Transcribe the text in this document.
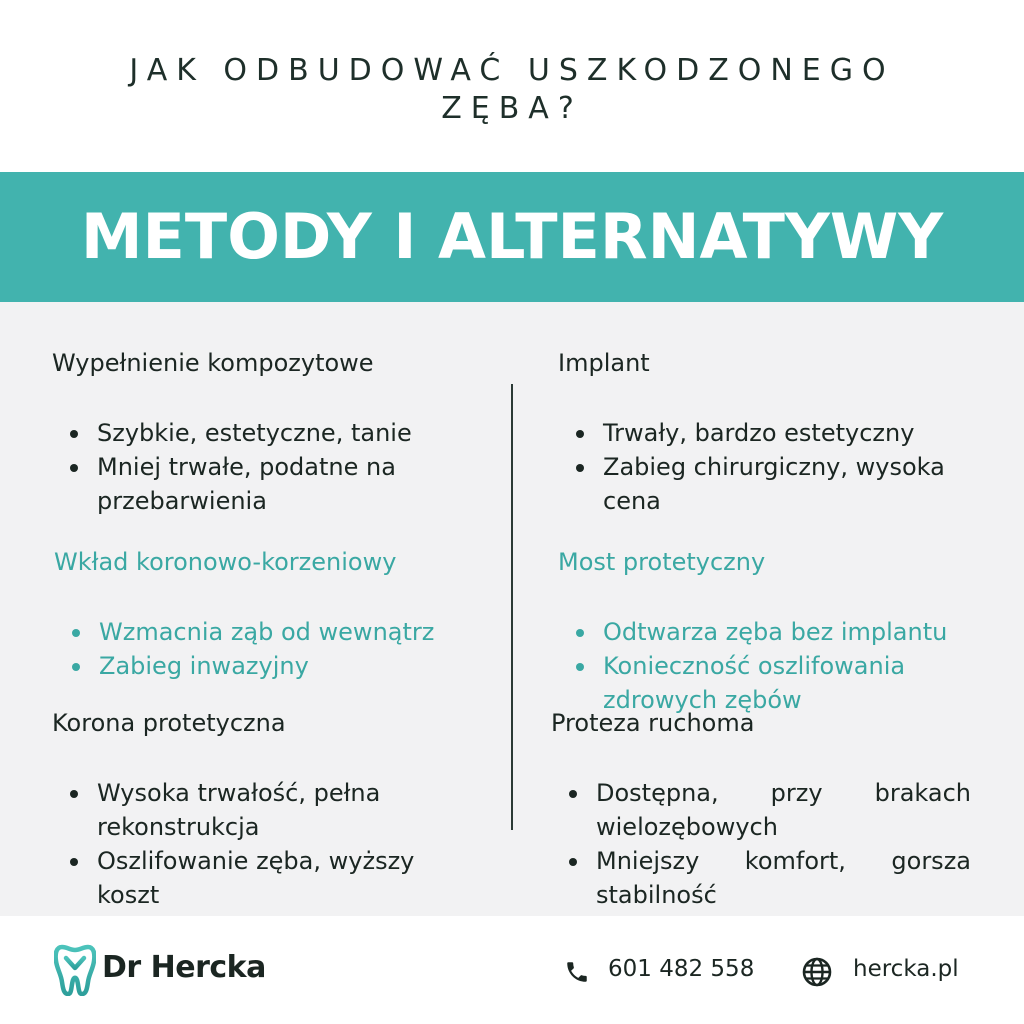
JAK ODBUDOWAĆ USZKODZONEGO
ZĘBA?
METODY I ALTERNATYWY
Wypełnienie kompozytowe
Szybkie, estetyczne, tanie
Mniej trwałe, podatne na przebarwienia
Wkład koronowo-korzeniowy
Wzmacnia ząb od wewnątrz
Zabieg inwazyjny
Korona protetyczna
Wysoka trwałość, pełna rekonstrukcja
Oszlifowanie zęba, wyższy koszt
Implant
Trwały, bardzo estetyczny
Zabieg chirurgiczny, wysoka cena
Most protetyczny
Odtwarza zęba bez implantu
Konieczność oszlifowania zdrowych zębów
Proteza ruchoma
Dostępna, przy brakach wielozębowych
Mniejszy komfort, gorsza stabilność
Dr Hercka	601 482 558	hercka.pl
